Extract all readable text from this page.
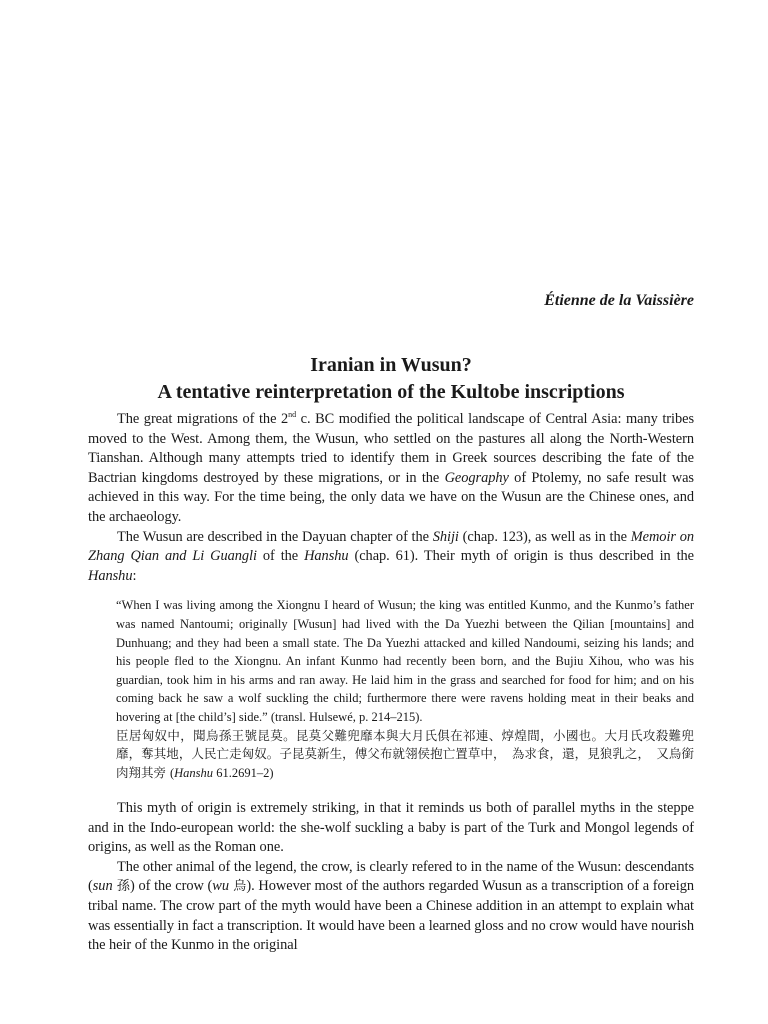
Étienne de la Vaissière
Iranian in Wusun?
A tentative reinterpretation of the Kultobe inscriptions

The great migrations of the 2nd c. BC modified the political landscape of Central Asia: many tribes moved to the West. Among them, the Wusun, who settled on the pastures all along the North-Western Tianshan. Although many attempts tried to identify them in Greek sources describing the fate of the Bactrian kingdoms destroyed by these migrations, or in the Geography of Ptolemy, no safe result was achieved in this way. For the time being, the only data we have on the Wusun are the Chinese ones, and the archaeology.

The Wusun are described in the Dayuan chapter of the Shiji (chap. 123), as well as in the Memoir on Zhang Qian and Li Guangli of the Hanshu (chap. 61). Their myth of origin is thus described in the Hanshu:

“When I was living among the Xiongnu I heard of Wusun; the king was entitled Kunmo, and the Kunmo’s father was named Nantoumi; originally [Wusun] had lived with the Da Yuezhi between the Qilian [mountains] and Dunhuang; and they had been a small state. The Da Yuezhi attacked and killed Nandoumi, seizing his lands; and his people fled to the Xiongnu. An infant Kunmo had recently been born, and the Bujiu Xihou, who was his guardian, took him in his arms and ran away. He laid him in the grass and searched for food for him; and on his coming back he saw a wolf suckling the child; furthermore there were ravens holding meat in their beaks and hovering at [the child’s] side.” (transl. Hulsewé, p. 214–215).

臣居匈奴中，聞烏孫王號昆莫。昆莫父難兜靡本與大月氏俱在祁連、焞煌間，小國也。大月氏攻殺難兜靡，奪其地，人民亡走匈奴。子昆莫新生，傅父布就翎侯抱亡置草中，　為求食，還，見狼乳之，　又烏銜肉翔其旁 (Hanshu 61.2691–2)

This myth of origin is extremely striking, in that it reminds us both of parallel myths in the steppe and in the Indo-european world: the she-wolf suckling a baby is part of the Turk and Mongol legends of origins, as well as the Roman one.

The other animal of the legend, the crow, is clearly refered to in the name of the Wusun: descendants (sun 孫) of the crow (wu 烏). However most of the authors regarded Wusun as a transcription of a foreign tribal name. The crow part of the myth would have been a Chinese addition in an attempt to explain what was essentially in fact a transcription. It would have been a learned gloss and no crow would have nourish the heir of the Kunmo in the original
